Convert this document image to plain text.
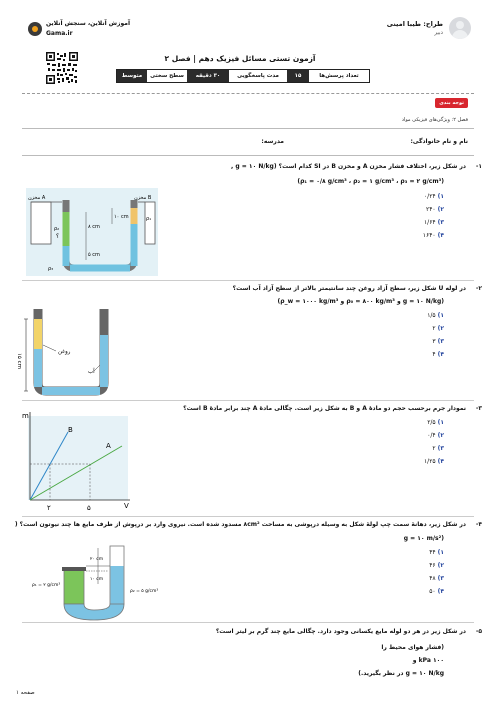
طراح: طیبا امینی
دبیر
آموزش آنلاین، سنجش آنلاین
Gama.ir
آزمون تستی مسائل فیزیک دهم | فصل ۲
تعداد پرسش‌ها
۱۵
مدت پاسخگویی
۳۰ دقیقه
سطح سختی
متوسط
توجه بندی
فصل ۲: ویژگی‌های فیزیکی مواد
نام و نام خانوادگی:
مدرسه:
-۱
در شکل زیر، اختلاف فشار مخزن A و مخزن B در SI کدام است؟ (g = ۱۰ N/kg ,
(ρ₁ = ۰/۸ g/cm³ ، ρ₂ = ۱ g/cm³ ، ρ₃ = ۲ g/cm³)
۱) ۰/۲۴
۲) ۲۴۰
۳) ۱/۶۴
۴) ۱۶۴۰
مخزن A	مخزن B
۸ cm
۱۰ cm
۵ cm
؟
ρ₁
ρ₂
ρ₃
-۲
در لوله U شکل زیر، سطح آزاد روغن چند سانتیمتر بالاتر از سطح آزاد آب است؟
(g = ۱۰ N/kg و ρ₀ = ۸۰۰ kg/m³ و ρ_w = ۱۰۰۰ kg/m³)
۱) ۱/۵
۲) ۲
۳) ۳
۴) ۴
۱۵ cm
روغن
آب
-۳
نمودار جرم برحسب حجم دو مادهٔ A و B به شکل زیر است. چگالی مادهٔ A چند برابر مادهٔ B است؟
۱) ۲/۵
۲) ۰/۴
۳) ۲
۴) ۱/۲۵
m
V
B
A
۲	۵
-۴
در شکل زیر، دهانهٔ سمت چپ لولهٔ شکل به وسیله درپوشی به مساحت ۸cm² مسدود شده است. نیروی وارد بر درپوش از طرف مایع ها چند نیوتون است؟ (
(g = ۱۰ m/s²
۱) ۴۴
۲) ۴۶
۳) ۴۸
۴) ۵۰
۲۰ cm
۱۰ cm
ρ₁ = ۲ g/cm³
ρ₂ = ۵ g/cm³
-۵
در شکل زیر در هر دو لوله مایع یکسانی وجود دارد. چگالی مایع چند گرم بر لیتر است؟
(فشار هوای محیط را
۱۰۰ kPa و
g = ۱۰ N/kg در نظر بگیرید.)
صفحه ۱
